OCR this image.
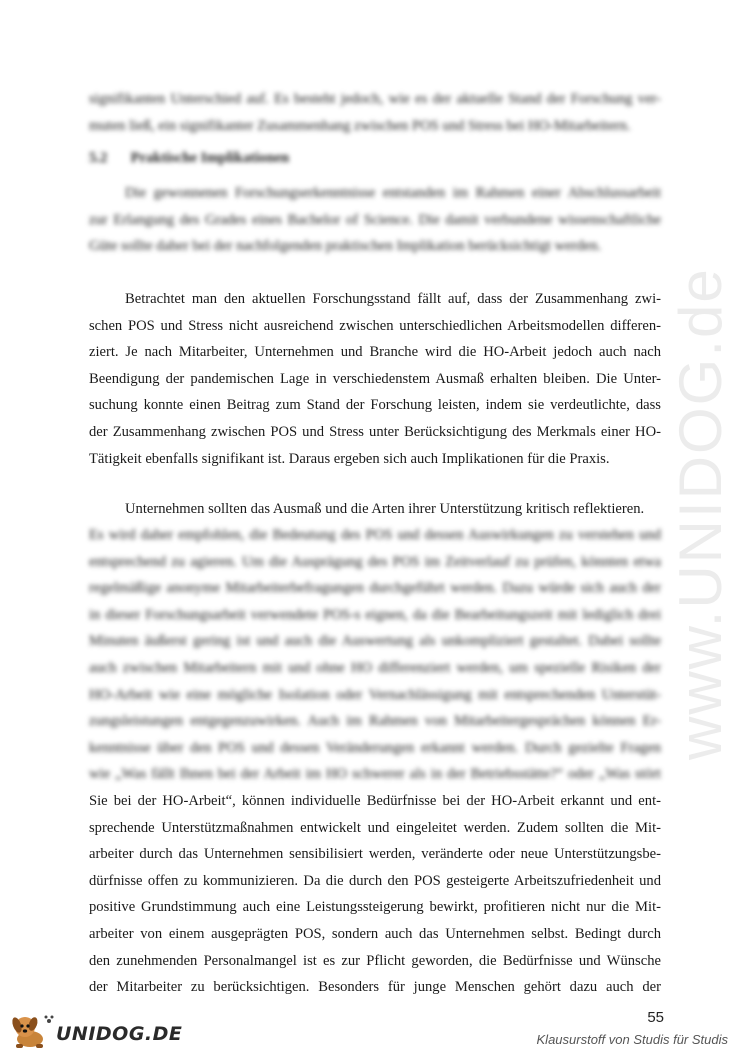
www.UNIDOG.de
signifikanten Unterschied auf. Es besteht jedoch, wie es der aktuelle Stand der Forschung ver-
muten ließ, ein signifikanter Zusammenhang zwischen POS und Stress bei HO-Mitarbeitern.
5.2 Praktische Implikationen
Die gewonnenen Forschungserkenntnisse entstanden im Rahmen einer Abschlussarbeit
zur Erlangung des Grades eines Bachelor of Science. Die damit verbundene wissenschaftliche
Güte sollte daher bei der nachfolgenden praktischen Implikation berücksichtigt werden.
Betrachtet man den aktuellen Forschungsstand fällt auf, dass der Zusammenhang zwi-
schen POS und Stress nicht ausreichend zwischen unterschiedlichen Arbeitsmodellen differen-
ziert. Je nach Mitarbeiter, Unternehmen und Branche wird die HO-Arbeit jedoch auch nach
Beendigung der pandemischen Lage in verschiedenstem Ausmaß erhalten bleiben. Die Unter-
suchung konnte einen Beitrag zum Stand der Forschung leisten, indem sie verdeutlichte, dass
der Zusammenhang zwischen POS und Stress unter Berücksichtigung des Merkmals einer HO-
Tätigkeit ebenfalls signifikant ist. Daraus ergeben sich auch Implikationen für die Praxis.
Unternehmen sollten das Ausmaß und die Arten ihrer Unterstützung kritisch reflektieren.
Es wird daher empfohlen, die Bedeutung des POS und dessen Auswirkungen zu verstehen und
entsprechend zu agieren. Um die Ausprägung des POS im Zeitverlauf zu prüfen, könnten etwa
regelmäßige anonyme Mitarbeiterbefragungen durchgeführt werden. Dazu würde sich auch der
in dieser Forschungsarbeit verwendete POS-s eignen, da die Bearbeitungszeit mit lediglich drei
Minuten äußerst gering ist und auch die Auswertung als unkompliziert gestaltet. Dabei sollte
auch zwischen Mitarbeitern mit und ohne HO differenziert werden, um spezielle Risiken der
HO-Arbeit wie eine mögliche Isolation oder Vernachlässigung mit entsprechenden Unterstüt-
zungsleistungen entgegenzuwirken. Auch im Rahmen von Mitarbeitergesprächen können Er-
kenntnisse über den POS und dessen Veränderungen erkannt werden. Durch gezielte Fragen
wie „Was fällt Ihnen bei der Arbeit im HO schwerer als in der Betriebsstätte?“ oder „Was stört
Sie bei der HO-Arbeit“, können individuelle Bedürfnisse bei der HO-Arbeit erkannt und ent-
sprechende Unterstützmaßnahmen entwickelt und eingeleitet werden. Zudem sollten die Mit-
arbeiter durch das Unternehmen sensibilisiert werden, veränderte oder neue Unterstützungsbe-
dürfnisse offen zu kommunizieren. Da die durch den POS gesteigerte Arbeitszufriedenheit und
positive Grundstimmung auch eine Leistungssteigerung bewirkt, profitieren nicht nur die Mit-
arbeiter von einem ausgeprägten POS, sondern auch das Unternehmen selbst. Bedingt durch
den zunehmenden Personalmangel ist es zur Pflicht geworden, die Bedürfnisse und Wünsche
der Mitarbeiter zu berücksichtigen. Besonders für junge Menschen gehört dazu auch der
UNIDOG.DE
55
Klausurstoff von Studis für Studis
